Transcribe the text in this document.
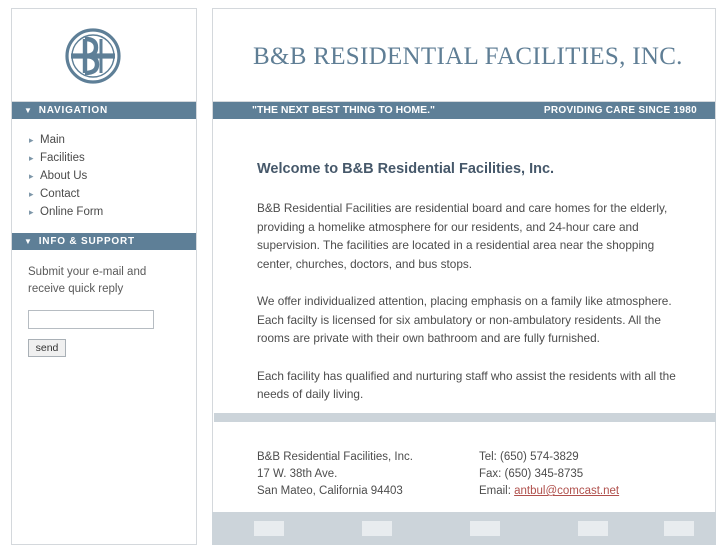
▼ NAVIGATION
▸ Main
▸ Facilities
▸ About Us
▸ Contact
▸ Online Form
▼ INFO & SUPPORT
Submit your e-mail and receive quick reply

send
B&B RESIDENTIAL FACILITIES, INC.
"THE NEXT BEST THING TO HOME."	PROVIDING CARE SINCE 1980
Welcome to B&B Residential Facilities, Inc.

B&B Residential Facilities are residential board and care homes for the elderly, providing a homelike atmosphere for our residents, and 24-hour care and supervision. The facilities are located in a residential area near the shopping center, churches, doctors, and bus stops.

We offer individualized attention, placing emphasis on a family like atmosphere. Each facilty is licensed for six ambulatory or non-ambulatory residents. All the rooms are private with their own bathroom and are fully furnished.

Each facility has qualified and nurturing staff who assist the residents with all the needs of daily living.

B&B Residential Facilities, Inc.	Tel: (650) 574-3829
17 W. 38th Ave.	Fax: (650) 345-8735
San Mateo, California 94403	Email: antbul@comcast.net
